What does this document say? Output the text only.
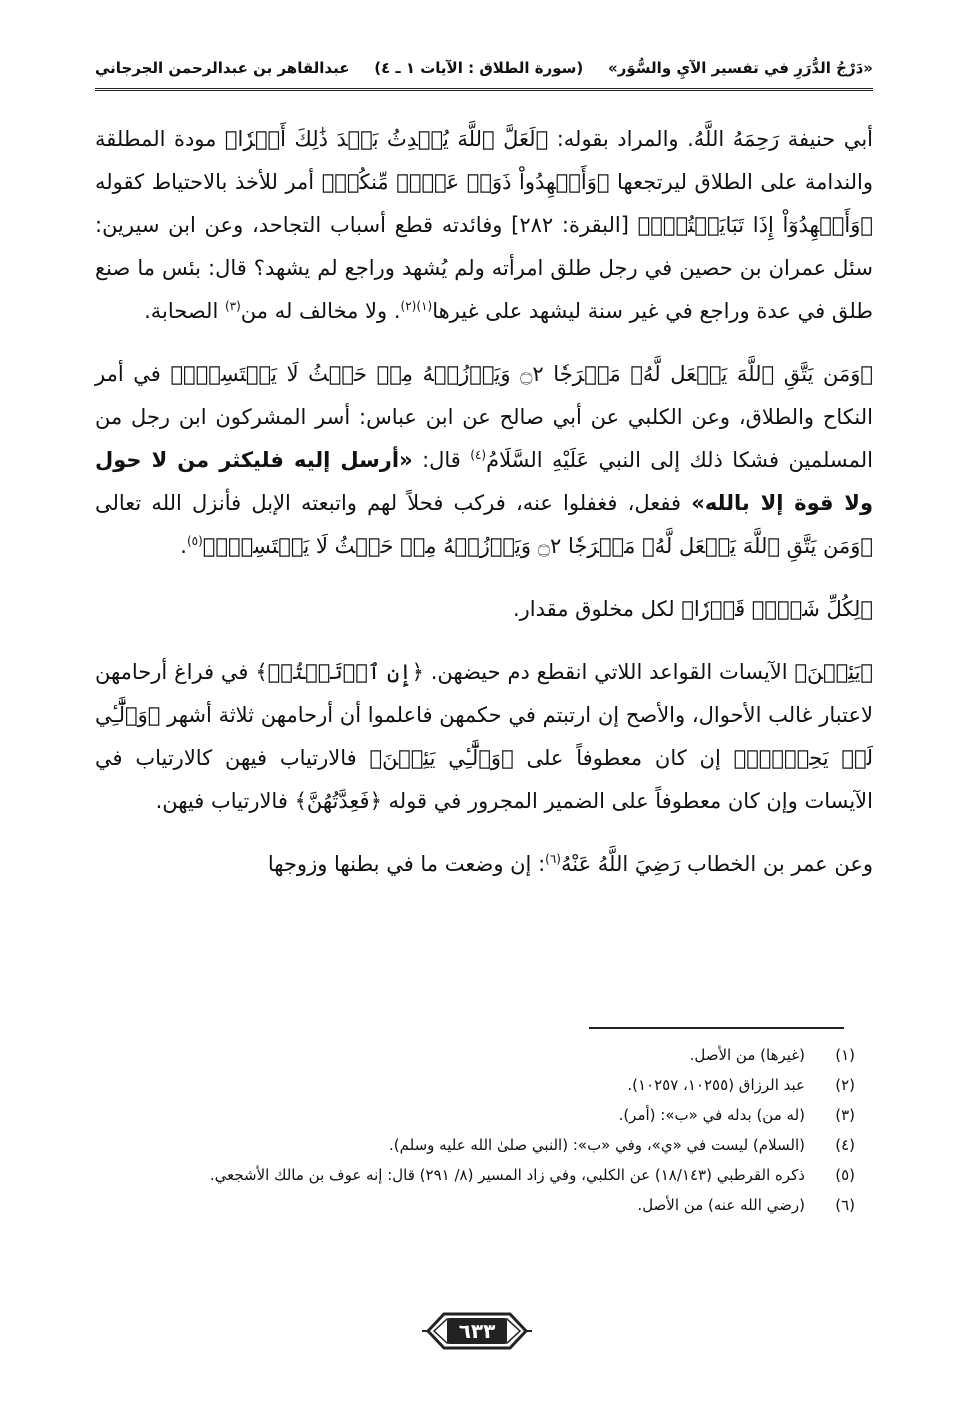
«دَرْجُ الدُّرَرِ في تفسير الآيِ والسُّوَر»
(سورة الطلاق : الآيات ١ ـ ٤)
عبدالقاهر بن عبدالرحمن الجرجاني

أبي حنيفة رَحِمَهُ اللَّهُ. والمراد بقوله: ﴿لَعَلَّ ٱللَّهَ يُحۡدِثُ بَعۡدَ ذَٰلِكَ أَمۡرٗا﴾ مودة المطلقة والندامة على الطلاق ليرتجعها ﴿وَأَشۡهِدُواْ ذَوَيۡ عَدۡلٖ مِّنكُمۡ﴾ أمر للأخذ بالاحتياط كقوله ﴿وَأَشۡهِدُوٓاْ إِذَا تَبَايَعۡتُمۡۚ﴾ [البقرة: ٢٨٢] وفائدته قطع أسباب التجاحد، وعن ابن سيرين: سئل عمران بن حصين في رجل طلق امرأته ولم يُشهد وراجع لم يشهد؟ قال: بئس ما صنع طلق في عدة وراجع في غير سنة ليشهد على غيرها$^{(١)(٢)}$. ولا مخالف له من$^{(٣)}$ الصحابة.

﴿وَمَن يَتَّقِ ٱللَّهَ يَجۡعَل لَّهُۥ مَخۡرَجٗا ۝٢ وَيَرۡزُقۡهُ مِنۡ حَيۡثُ لَا يَحۡتَسِبُۚ﴾ في أمر النكاح والطلاق، وعن الكلبي عن أبي صالح عن ابن عباس: أسر المشركون ابن رجل من المسلمين فشكا ذلك إلى النبي عَلَيْهِ السَّلَامُ$^{(٤)}$ قال: «أرسل إليه فليكثر من لا حول ولا قوة إلا بالله» ففعل، فغفلوا عنه، فركب فحلاً لهم واتبعته الإبل فأنزل الله تعالى ﴿وَمَن يَتَّقِ ٱللَّهَ يَجۡعَل لَّهُۥ مَخۡرَجٗا ۝٢ وَيَرۡزُقۡهُ مِنۡ حَيۡثُ لَا يَحۡتَسِبُۚ﴾$^{(٥)}$.

﴿لِكُلِّ شَيۡءٖ قَدۡرٗا﴾ لكل مخلوق مقدار.

﴿يَئِسۡنَ﴾ الآيسات القواعد اللاتي انقطع دم حيضهن. ﴿إِنِ ٱرۡتَبۡتُمۡ﴾ في فراغ أرحامهن لاعتبار غالب الأحوال، والأصح إن ارتبتم في حكمهن فاعلموا أن أرحامهن ثلاثة أشهر ﴿وَٱلَّٰٓـِٔي لَمۡ يَحِضۡنَۚ﴾ إن كان معطوفاً على ﴿وَٱلَّٰٓـِٔي يَئِسۡنَ﴾ فالارتياب فيهن كالارتياب في الآيسات وإن كان معطوفاً على الضمير المجرور في قوله ﴿فَعِدَّتُهُنَّ﴾ فالارتياب فيهن.

وعن عمر بن الخطاب رَضِيَ اللَّهُ عَنْهُ$^{(٦)}$: إن وضعت ما في بطنها وزوجها

(١)
(غيرها) من الأصل.
(٢)
عبد الرزاق (١٠٢٥٥، ١٠٢٥٧).
(٣)
(له من) بدله في «ب»: (أمر).
(٤)
(السلام) ليست في «ي»، وفي «ب»: (النبي صلىٰ الله عليه وسلم).
(٥)
ذكره القرطبي (١٨/١٤٣) عن الكلبي، وفي زاد المسير (٨/ ٢٩١) قال: إنه عوف بن مالك الأشجعي.
(٦)
(رضي الله عنه) من الأصل.
٦٣٣
